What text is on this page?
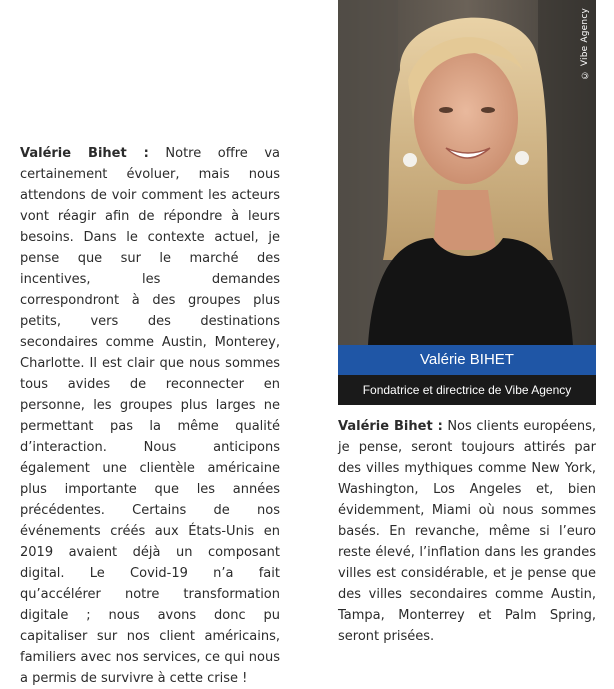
Valérie Bihet : Notre offre va certainement évoluer, mais nous attendons de voir comment les acteurs vont réagir afin de répondre à leurs besoins. Dans le contexte actuel, je pense que sur le marché des incentives, les demandes correspondront à des groupes plus petits, vers des destinations secondaires comme Austin, Monterey, Charlotte. Il est clair que nous sommes tous avides de reconnecter en personne, les groupes plus larges ne permettant pas la même qualité d’interaction. Nous anticipons également une clientèle américaine plus importante que les années précédentes. Certains de nos événements créés aux États-Unis en 2019 avaient déjà un composant digital. Le Covid-19 n’a fait qu’accélérer notre transformation digitale ; nous avons donc pu capitaliser sur nos client américains, familiers avec nos services, ce qui nous a permis de survivre à cette crise !
© Vibe Agency
Valérie BIHET
Fondatrice et directrice de Vibe Agency
Valérie Bihet : Nos clients européens, je pense, seront toujours attirés par des villes mythiques comme New York, Washington, Los Angeles et, bien évidemment, Miami où nous sommes basés. En revanche, même si l’euro reste élevé, l’inflation dans les grandes villes est considérable, et je pense que des villes secondaires comme Austin, Tampa, Monterrey et Palm Spring, seront prisées.
